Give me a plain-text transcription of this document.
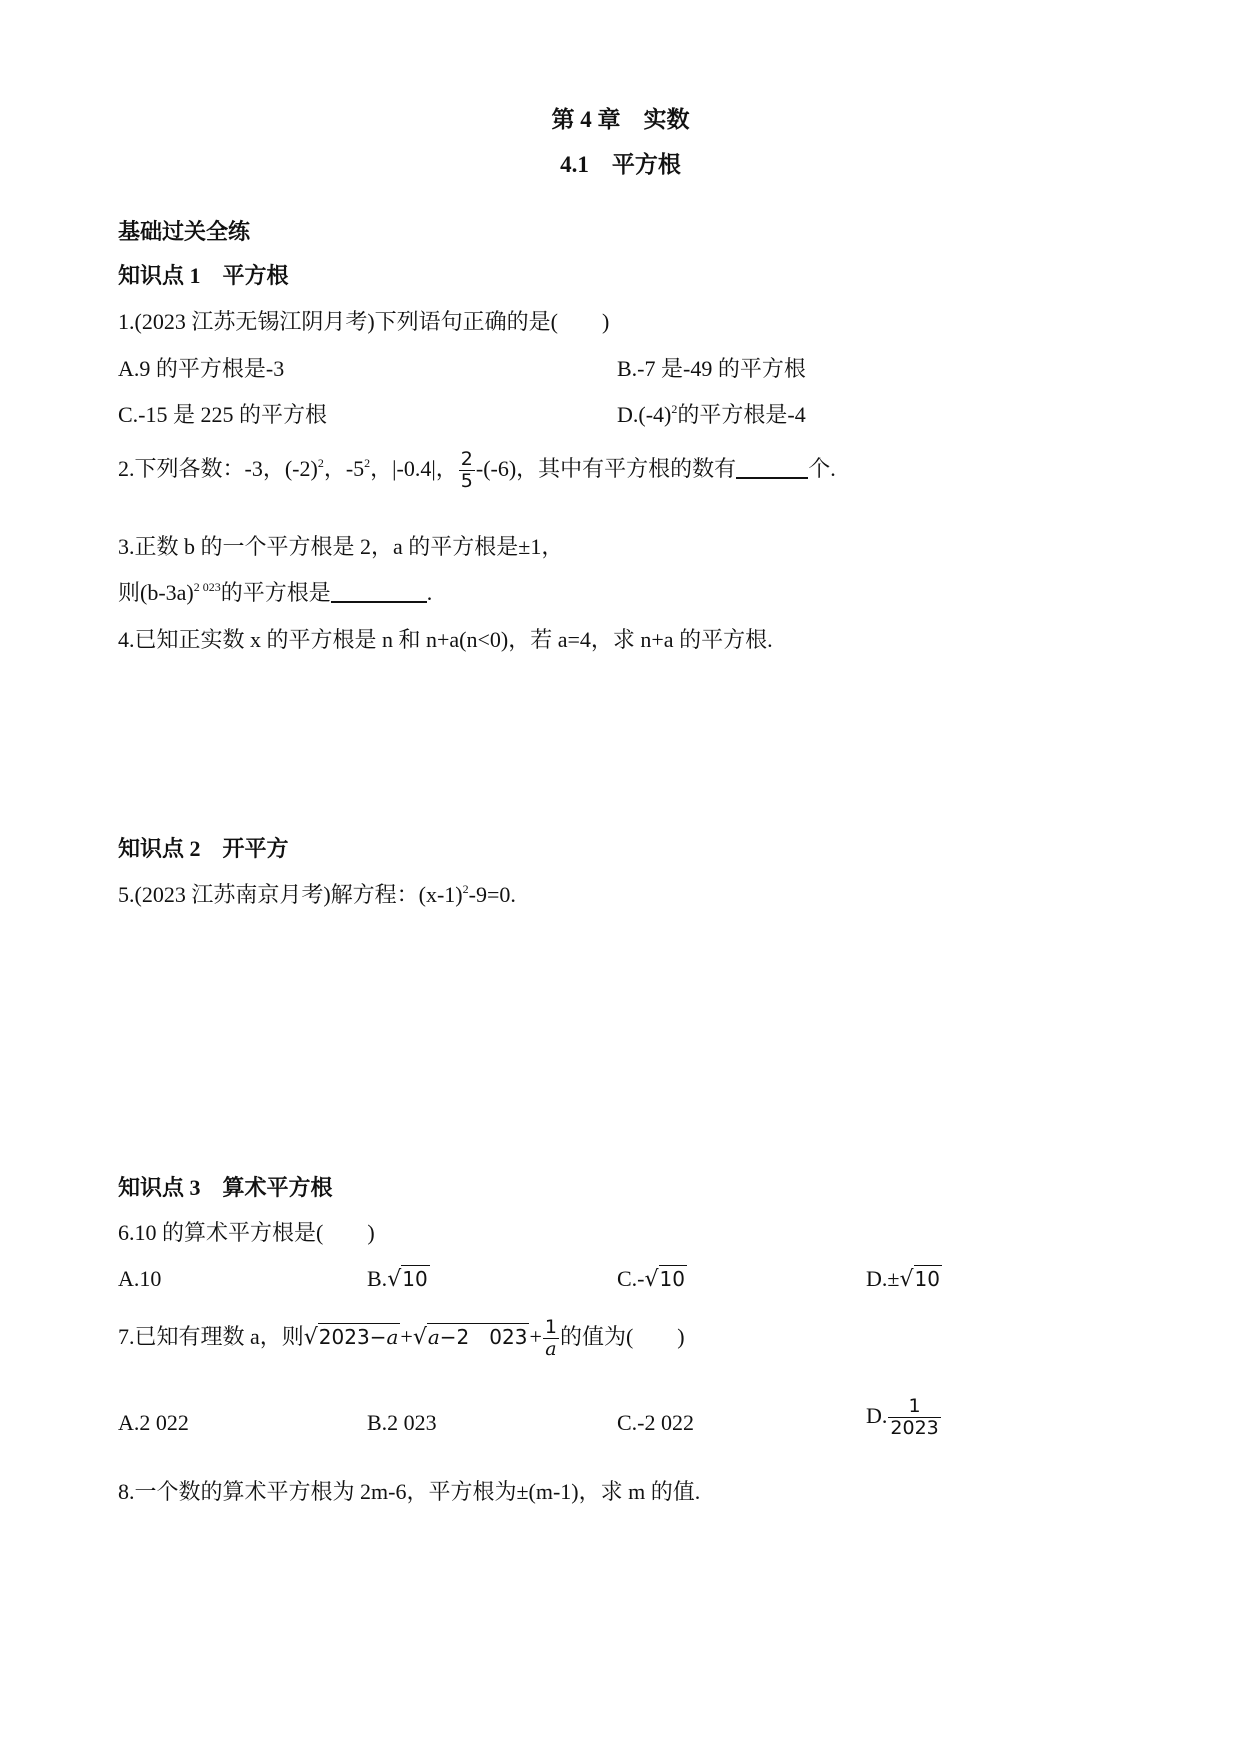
第 4 章　实数
4.1　平方根
基础过关全练
知识点 1　平方根
1.(2023 江苏无锡江阴月考)下列语句正确的是(　　)
A.9 的平方根是-3	B.-7 是-49 的平方根
C.-15 是 225 的平方根	$D.(-4)^2$的平方根是-4
2.下列各数：-3，$(-2)^2$，$-5^2$，|-0.4|， $\frac{2}{5} -(-6)$，其中有平方根的数有	个.
3.正数 b 的一个平方根是 2，a 的平方根是±1，
则$(b-3a)^{2 023}$的平方根是	.
4.已知正实数 x 的平方根是 n 和 n+a(n<0)，若 a=4，求 n+a 的平方根.
知识点 2　开平方
5.(2023 江苏南京月考)解方程：$(x-1)^2-9=0$.
知识点 3　算术平方根
6.10 的算术平方根是(　　)
A.10	B.√10	C.-√10	D.±√10
7.已知有理数 a，则√2023−a+√a−2　$023+ \frac{1}{a}$ 的值为(　　)
A.2 022	B.2 023	C.-2 022	D. $\frac{1}{2023}$
8.一个数的算术平方根为 2m-6，平方根为±(m-1)，求 m 的值.
